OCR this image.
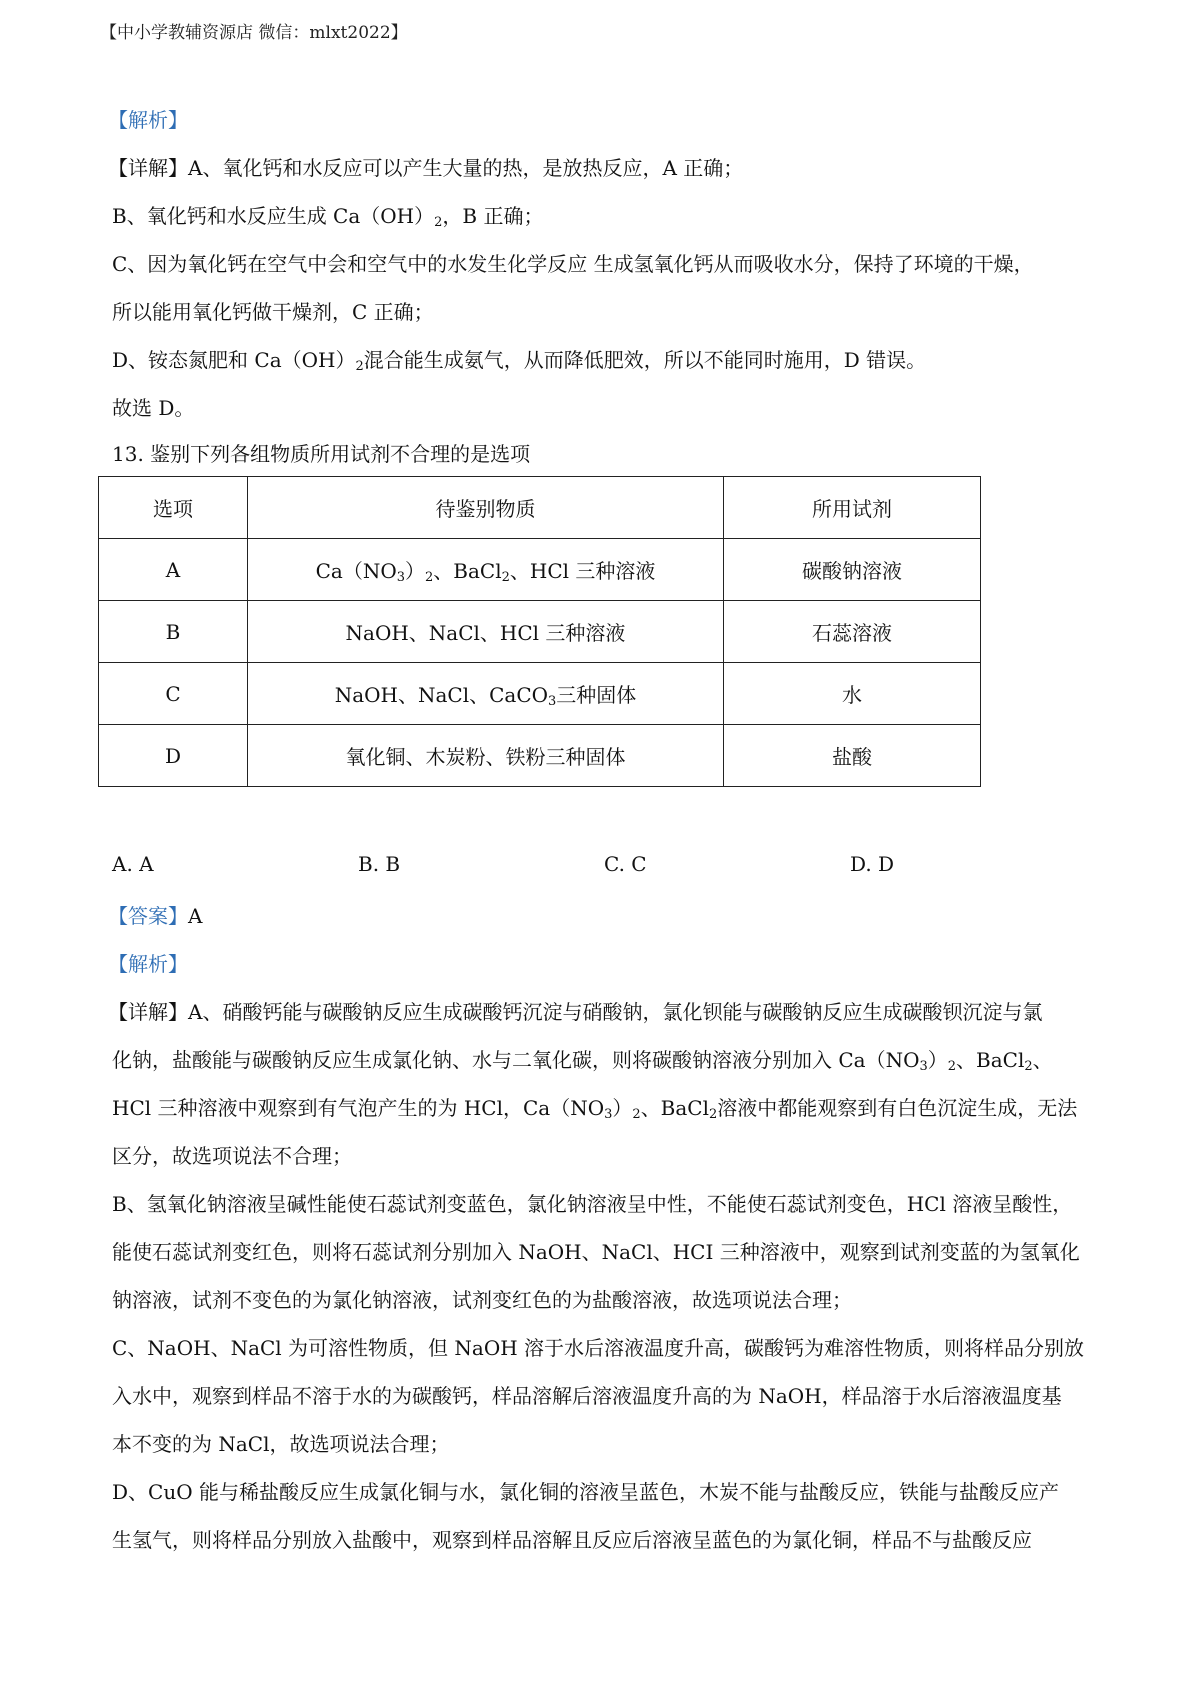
【中小学教辅资源店 微信：mlxt2022】
【解析】
【详解】A、氧化钙和水反应可以产生大量的热，是放热反应，A 正确；
B、氧化钙和水反应生成 $Ca(OH)_2$，B 正确；
C、因为氧化钙在空气中会和空气中的水发生化学反应 生成氢氧化钙从而吸收水分，保持了环境的干燥，
所以能用氧化钙做干燥剂，C 正确；
D、铵态氮肥和 $Ca(OH)_2$混合能生成氨气，从而降低肥效，所以不能同时施用，D 错误。
故选 D。
13. 鉴别下列各组物质所用试剂不合理的是选项
选项	待鉴别物质	所用试剂
A	$Ca(NO_3)_2$、BaCl$_2$、HCl 三种溶液	碳酸钠溶液
B	NaOH、NaCl、HCl 三种溶液	石蕊溶液
C	NaOH、NaCl、CaCO$_3$三种固体	水
D	氧化铜、木炭粉、铁粉三种固体	盐酸
A. A	B. B	C. C	D. D
【答案】A
【解析】
【详解】A、硝酸钙能与碳酸钠反应生成碳酸钙沉淀与硝酸钠，氯化钡能与碳酸钠反应生成碳酸钡沉淀与氯
化钠，盐酸能与碳酸钠反应生成氯化钠、水与二氧化碳，则将碳酸钠溶液分别加入 $Ca(NO_3)_2$、BaCl$_2$、
HCl 三种溶液中观察到有气泡产生的为 HCl，$Ca(NO_3)_2$、BaCl$_2$溶液中都能观察到有白色沉淀生成，无法
区分，故选项说法不合理；
B、氢氧化钠溶液呈碱性能使石蕊试剂变蓝色，氯化钠溶液呈中性，不能使石蕊试剂变色，HCl 溶液呈酸性，
能使石蕊试剂变红色，则将石蕊试剂分别加入 NaOH、NaCl、HCI 三种溶液中，观察到试剂变蓝的为氢氧化
钠溶液，试剂不变色的为氯化钠溶液，试剂变红色的为盐酸溶液，故选项说法合理；
C、NaOH、NaCl 为可溶性物质，但 NaOH 溶于水后溶液温度升高，碳酸钙为难溶性物质，则将样品分别放
入水中，观察到样品不溶于水的为碳酸钙，样品溶解后溶液温度升高的为 NaOH，样品溶于水后溶液温度基
本不变的为 NaCl，故选项说法合理；
D、CuO 能与稀盐酸反应生成氯化铜与水，氯化铜的溶液呈蓝色，木炭不能与盐酸反应，铁能与盐酸反应产
生氢气，则将样品分别放入盐酸中，观察到样品溶解且反应后溶液呈蓝色的为氯化铜，样品不与盐酸反应
